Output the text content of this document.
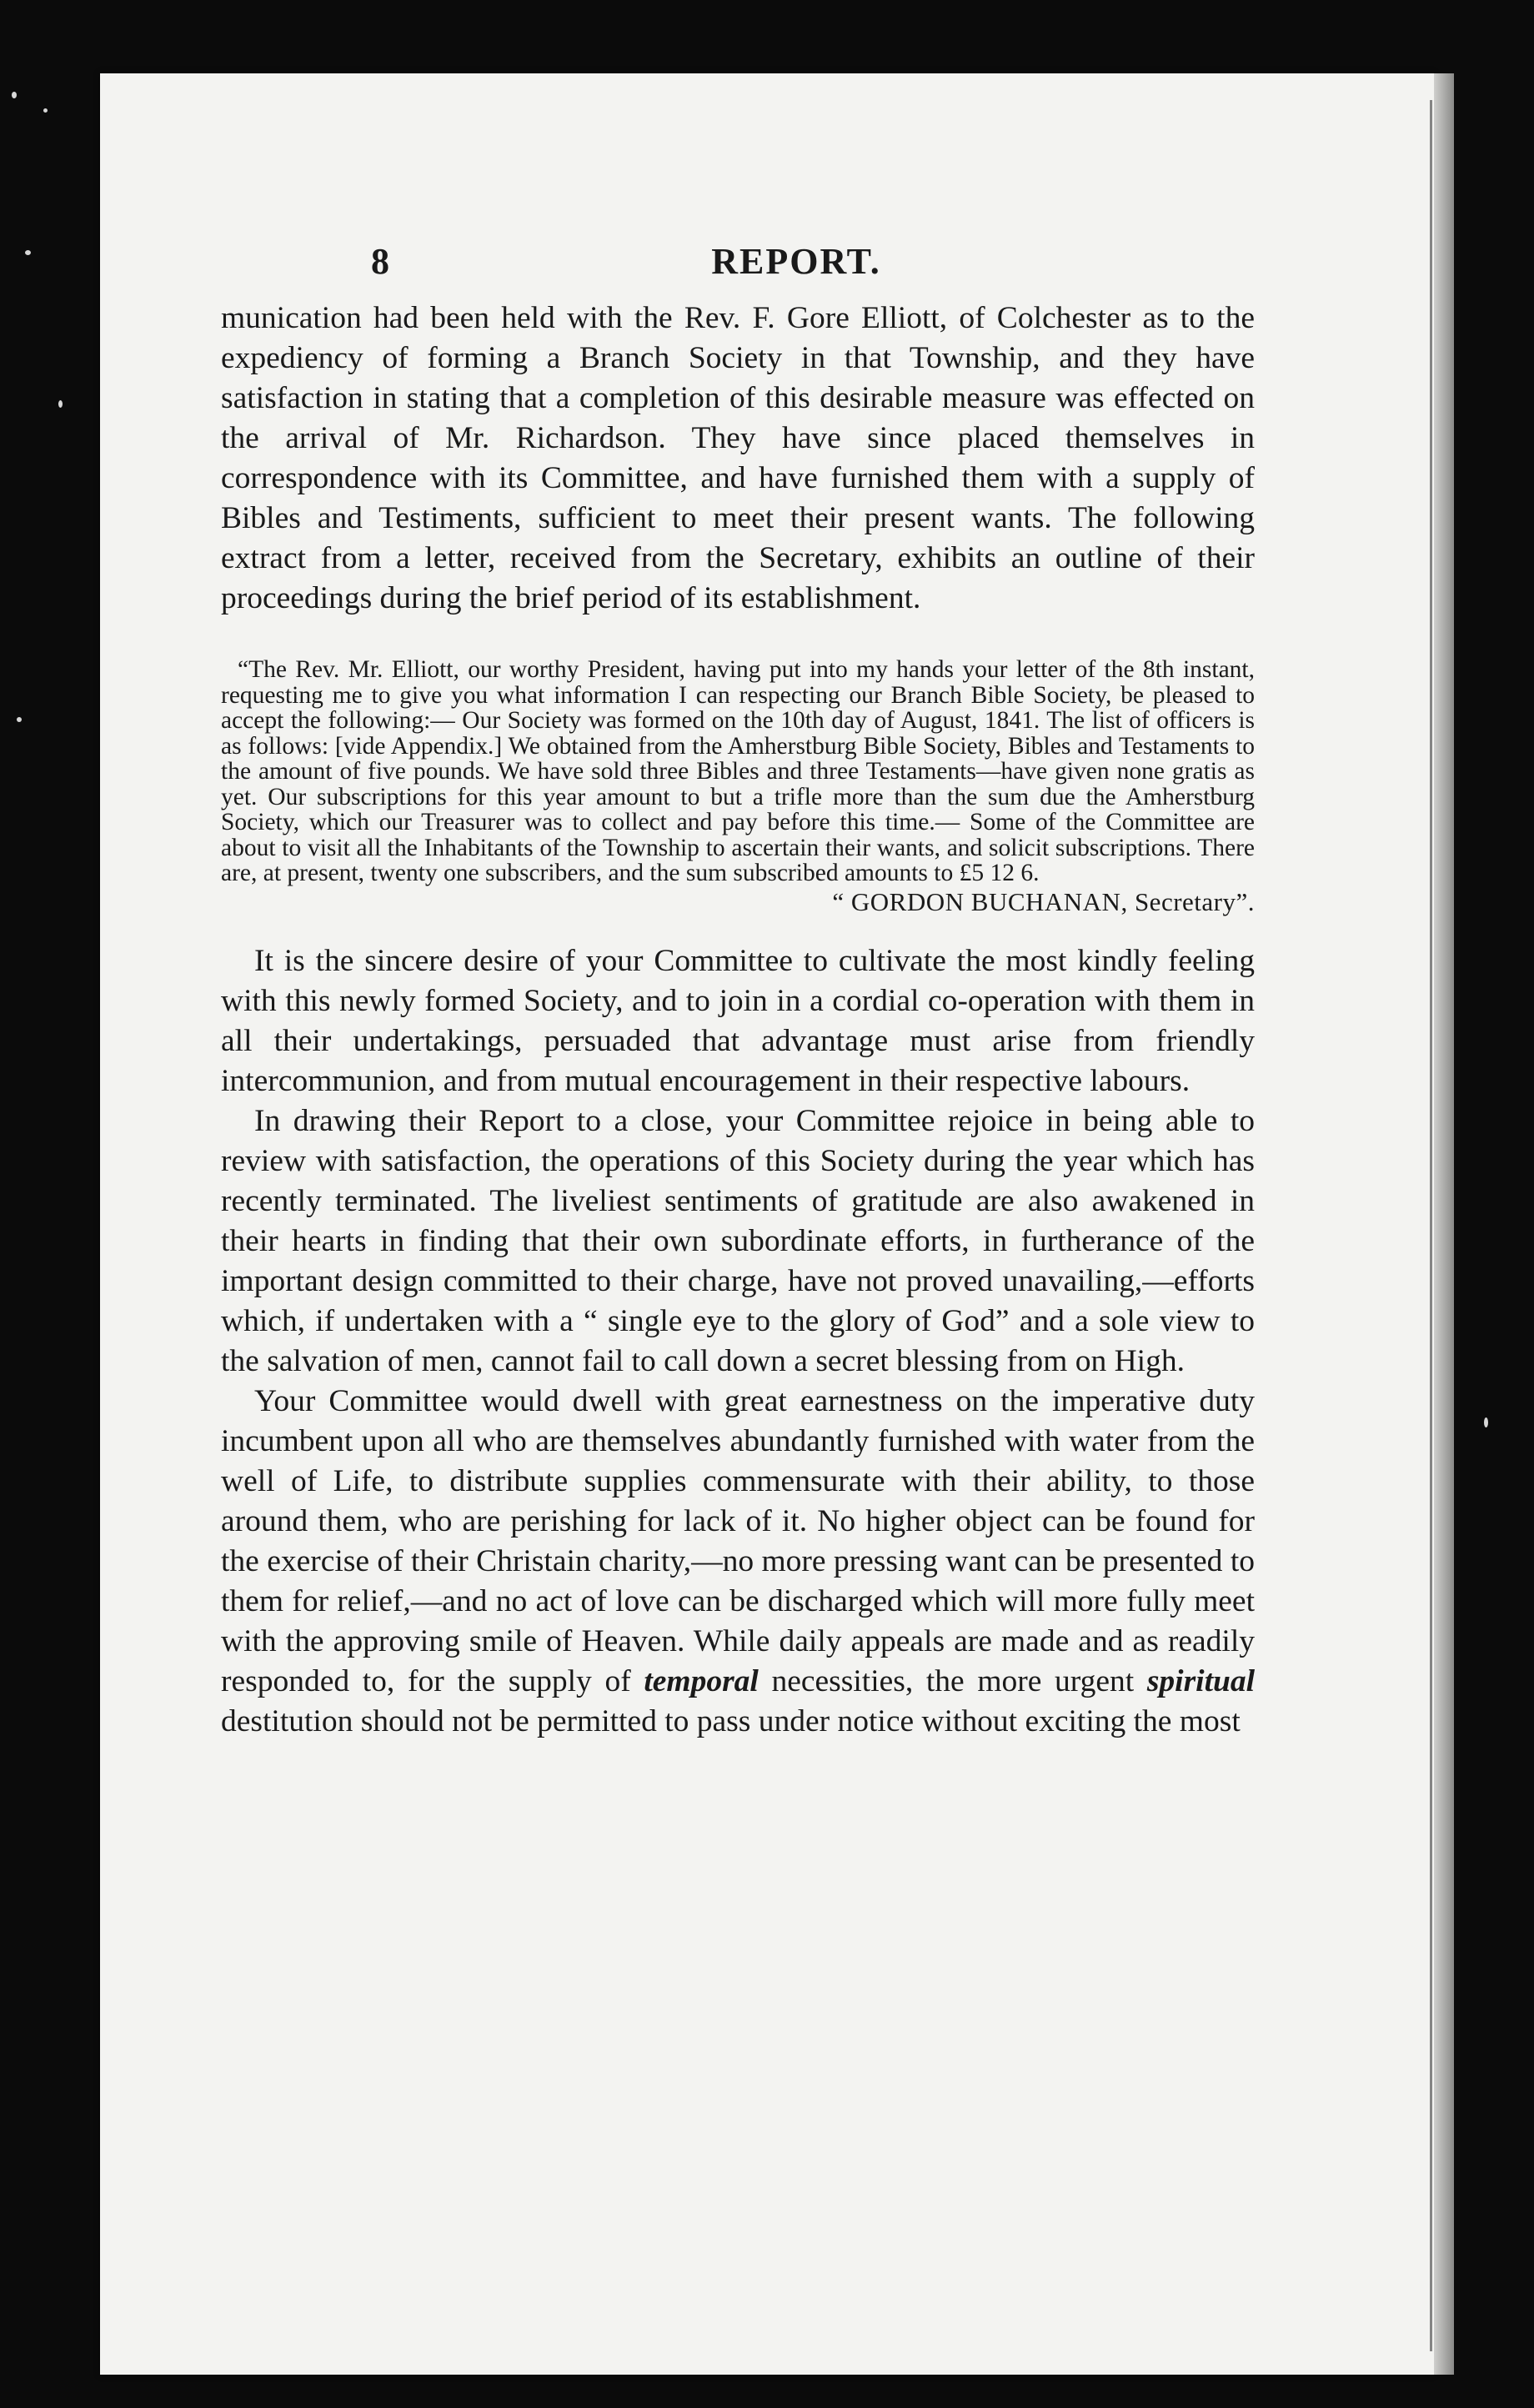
8	REPORT.

munication had been held with the Rev. F. Gore Elliott, of Colchester as to the expediency of forming a Branch Society in that Township, and they have satisfaction in stating that a completion of this desirable measure was effected on the arrival of Mr. Richardson. They have since placed themselves in correspondence with its Committee, and have furnished them with a supply of Bibles and Testiments, sufficient to meet their present wants. The following extract from a letter, received from the Secretary, exhibits an outline of their proceedings during the brief period of its establishment.

“The Rev. Mr. Elliott, our worthy President, having put into my hands your letter of the 8th instant, requesting me to give you what information I can respecting our Branch Bible Society, be pleased to accept the following:— Our Society was formed on the 10th day of August, 1841. The list of officers is as follows: [vide Appendix.] We obtained from the Amherstburg Bible Society, Bibles and Testaments to the amount of five pounds. We have sold three Bibles and three Testaments—have given none gratis as yet. Our subscriptions for this year amount to but a trifle more than the sum due the Amherstburg Society, which our Treasurer was to collect and pay before this time.— Some of the Committee are about to visit all the Inhabitants of the Township to ascertain their wants, and solicit subscriptions. There are, at present, twenty one subscribers, and the sum subscribed amounts to £5 12 6.

“ GORDON BUCHANAN, Secretary”.

It is the sincere desire of your Committee to cultivate the most kindly feeling with this newly formed Society, and to join in a cordial co-operation with them in all their undertakings, persuaded that advantage must arise from friendly intercommunion, and from mutual encouragement in their respective labours.

In drawing their Report to a close, your Committee rejoice in being able to review with satisfaction, the operations of this Society during the year which has recently terminated. The liveliest sentiments of gratitude are also awakened in their hearts in finding that their own subordinate efforts, in furtherance of the important design committed to their charge, have not proved unavailing,—efforts which, if undertaken with a “ single eye to the glory of God” and a sole view to the salvation of men, cannot fail to call down a secret blessing from on High.

Your Committee would dwell with great earnestness on the imperative duty incumbent upon all who are themselves abundantly furnished with water from the well of Life, to distribute supplies commensurate with their ability, to those around them, who are perishing for lack of it. No higher object can be found for the exercise of their Christain charity,—no more pressing want can be presented to them for relief,—and no act of love can be discharged which will more fully meet with the approving smile of Heaven. While daily appeals are made and as readily responded to, for the supply of temporal necessities, the more urgent spiritual destitution should not be permitted to pass under notice without exciting the most
